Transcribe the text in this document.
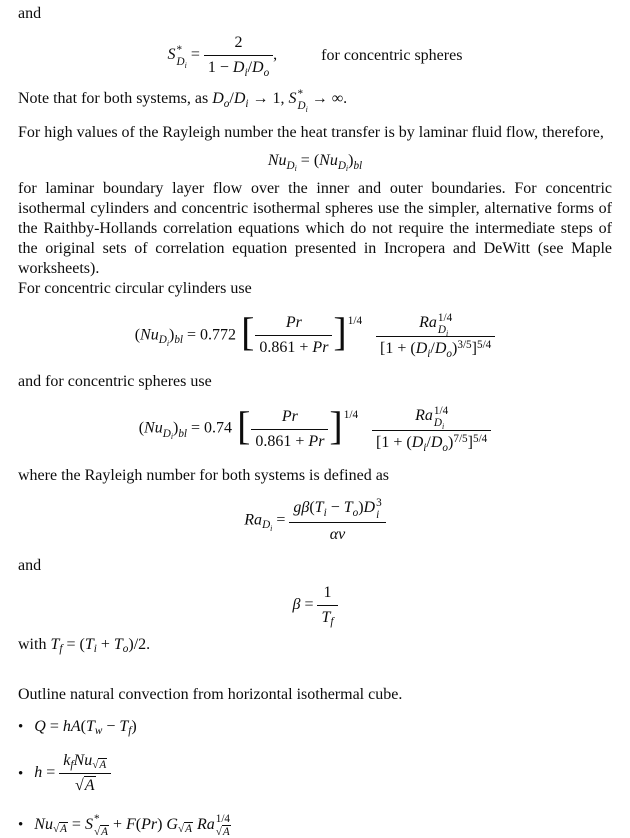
and
S *
$D_i$
= $\frac{2}{1 - D_i/D_o}$ ,	for concentric spheres
Note that for both systems, as $D_o/D_i \to 1$, S *
$D_i$
→ ∞.
For high values of the Rayleigh number the heat transfer is by laminar fluid flow, therefore,
$Nu_{D_i} = (Nu_{D_i})_{bl}$
for laminar boundary layer flow over the inner and outer boundaries. For concentric isothermal cylinders and concentric isothermal spheres use the simpler, alternative forms of the Raithby-Hollands correlation equations which do not require the intermediate steps of the original sets of correlation equation presented in Incropera and DeWitt (see Maple worksheets).
For concentric circular cylinders use
$(Nu_{D_i})_{bl} = 0.772$ [ $\frac{Pr}{0.861 + Pr} ]^{1/4}$ Ra 1/4
$D_i$
$[1 + (D_i/D_o)^{3/5}]^{5/4}$
and for concentric spheres use
$(Nu_{D_i})_{bl} = 0.74$ [ $\frac{Pr}{0.861 + Pr} ]^{1/4}$ Ra 1/4
$D_i$
$[1 + (D_i/D_o)^{7/5}]^{5/4}$
where the Rayleigh number for both systems is defined as
$Ra_{D_i} = g\beta(T_i - T_o)D$ 3
i
αν
and
$\beta = \frac{1}{T_f}$
with $T_f = (T_i + T_o)/2$.
Outline natural convection from horizontal isothermal cube.
• $Q = hA(T_w - T_f)$
• $h = \frac{k_fNu_{√A}}{√A}$
• $Nu_{√A} = S$ *
√A + F(Pr) $G_{√A}$ Ra 1/4
√A
